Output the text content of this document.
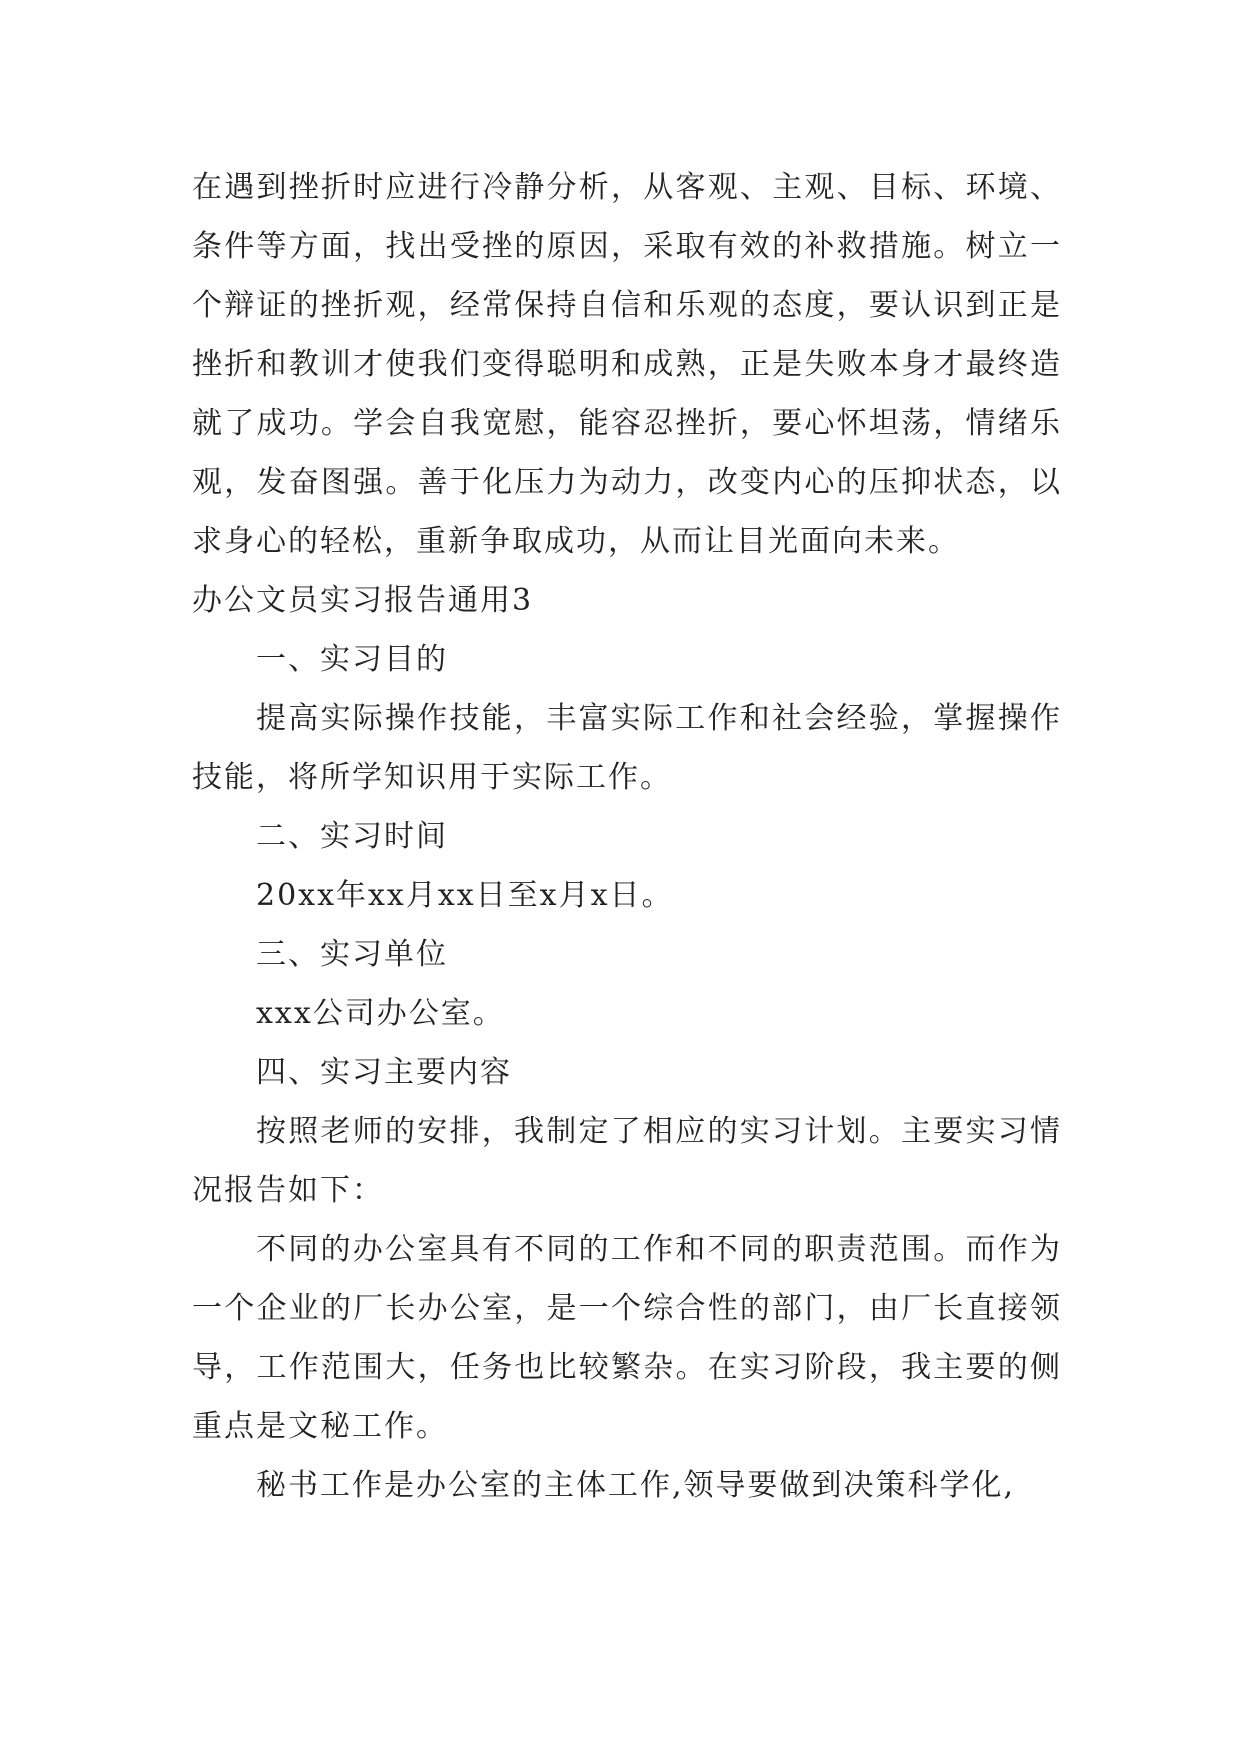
在遇到挫折时应进行冷静分析，从客观、主观、目标、环境、条件等方面，找出受挫的原因，采取有效的补救措施。树立一个辩证的挫折观，经常保持自信和乐观的态度，要认识到正是挫折和教训才使我们变得聪明和成熟，正是失败本身才最终造就了成功。学会自我宽慰，能容忍挫折，要心怀坦荡，情绪乐观，发奋图强。善于化压力为动力，改变内心的压抑状态，以求身心的轻松，重新争取成功，从而让目光面向未来。

办公文员实习报告通用3

一、实习目的

提高实际操作技能，丰富实际工作和社会经验，掌握操作技能，将所学知识用于实际工作。

二、实习时间

20xx年xx月xx日至x月x日。

三、实习单位

xxx公司办公室。

四、实习主要内容

按照老师的安排，我制定了相应的实习计划。主要实习情况报告如下：

不同的办公室具有不同的工作和不同的职责范围。而作为一个企业的厂长办公室，是一个综合性的部门，由厂长直接领导，工作范围大，任务也比较繁杂。在实习阶段，我主要的侧重点是文秘工作。

秘书工作是办公室的主体工作,领导要做到决策科学化,
